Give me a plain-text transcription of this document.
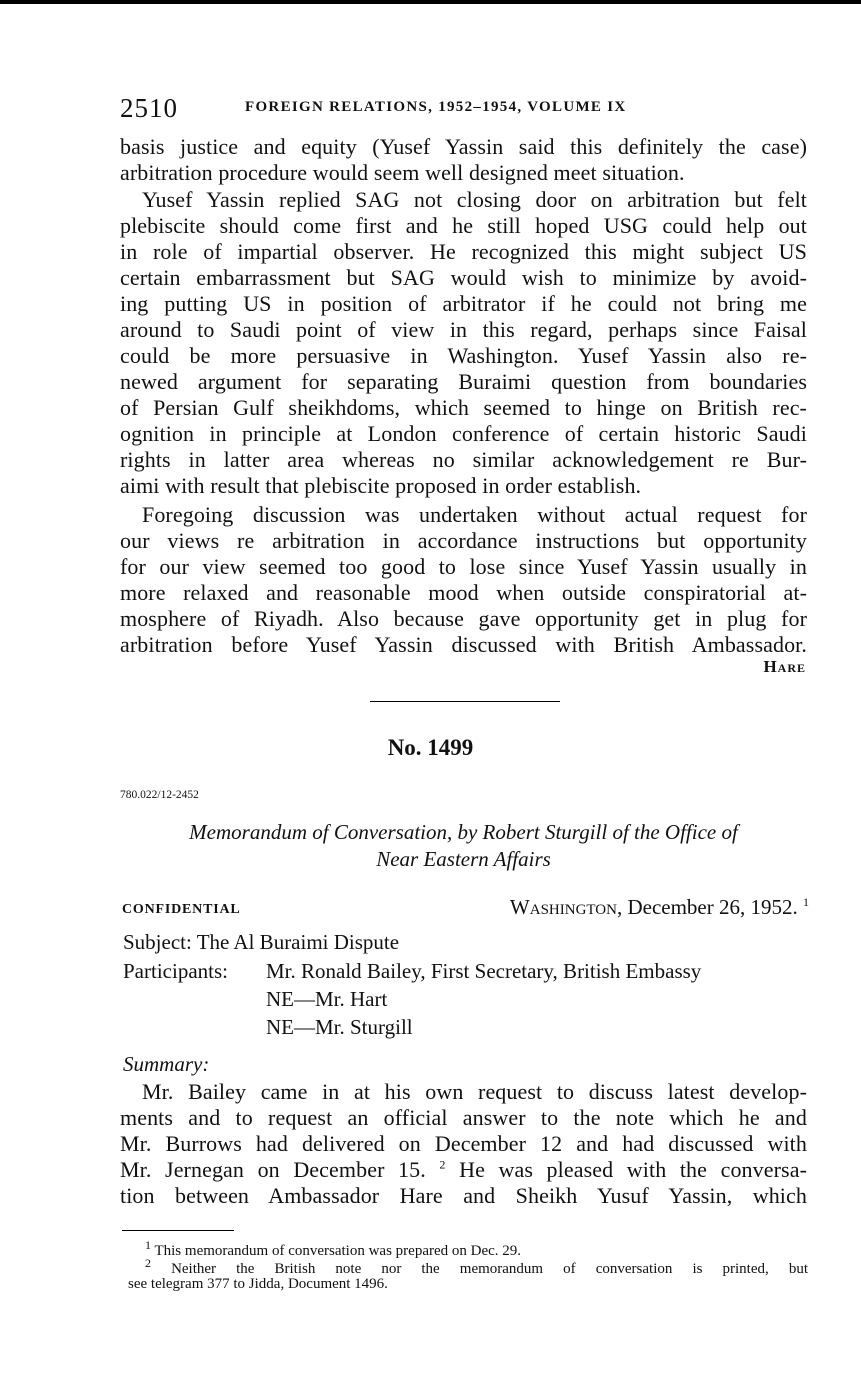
2510	FOREIGN RELATIONS, 1952–1954, VOLUME IX
basis justice and equity (Yusef Yassin said this definitely the case)
arbitration procedure would seem well designed meet situation.
Yusef Yassin replied SAG not closing door on arbitration but felt
plebiscite should come first and he still hoped USG could help out
in role of impartial observer. He recognized this might subject US
certain embarrassment but SAG would wish to minimize by avoid-
ing putting US in position of arbitrator if he could not bring me
around to Saudi point of view in this regard, perhaps since Faisal
could be more persuasive in Washington. Yusef Yassin also re-
newed argument for separating Buraimi question from boundaries
of Persian Gulf sheikhdoms, which seemed to hinge on British rec-
ognition in principle at London conference of certain historic Saudi
rights in latter area whereas no similar acknowledgement re Bur-
aimi with result that plebiscite proposed in order establish.
Foregoing discussion was undertaken without actual request for
our views re arbitration in accordance instructions but opportunity
for our view seemed too good to lose since Yusef Yassin usually in
more relaxed and reasonable mood when outside conspiratorial at-
mosphere of Riyadh. Also because gave opportunity get in plug for
arbitration before Yusef Yassin discussed with British Ambassador.
Hare
No. 1499
780.022/12-2452
Memorandum of Conversation, by Robert Sturgill of the Office of
Near Eastern Affairs
CONFIDENTIAL	Washington, December 26, 1952. $^1$
Subject: The Al Buraimi Dispute
Participants: Mr. Ronald Bailey, First Secretary, British Embassy
NE—Mr. Hart
NE—Mr. Sturgill
Summary:
Mr. Bailey came in at his own request to discuss latest develop-
ments and to request an official answer to the note which he and
Mr. Burrows had delivered on December 12 and had discussed with
Mr. Jernegan on December 15. $^2$ He was pleased with the conversa-
tion between Ambassador Hare and Sheikh Yusuf Yassin, which
$^1$ This memorandum of conversation was prepared on Dec. 29.
$^2$ Neither the British note nor the memorandum of conversation is printed, but
see telegram 377 to Jidda, Document 1496.
